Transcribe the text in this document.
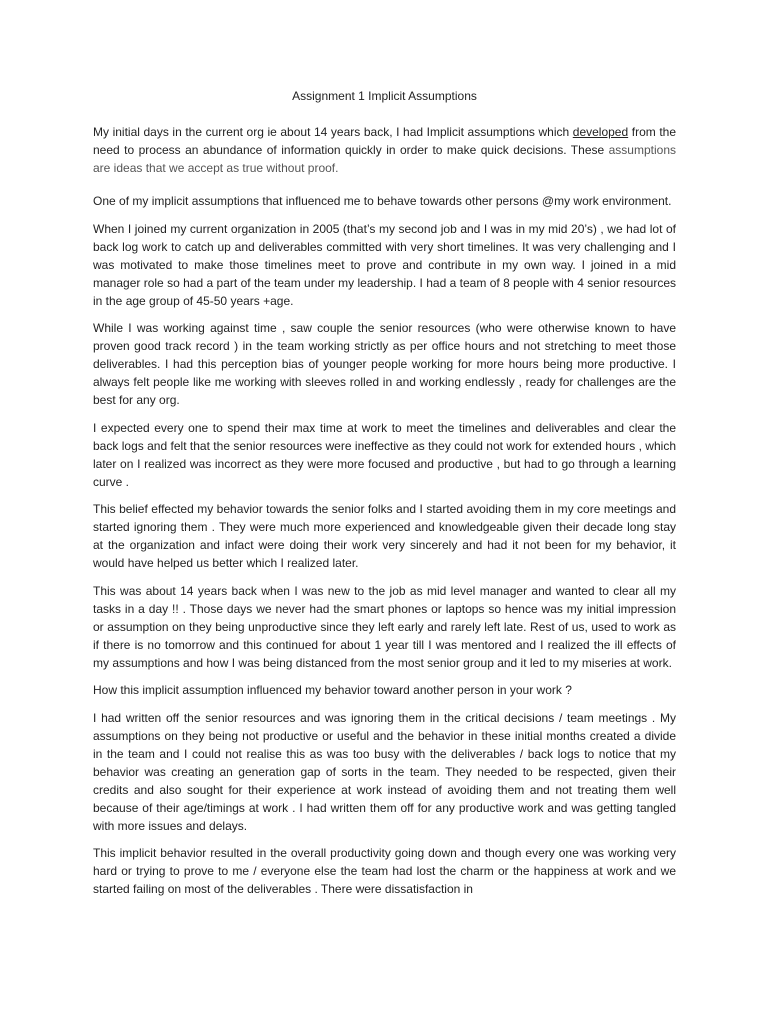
Assignment 1 Implicit Assumptions

My initial days in the current org ie about 14 years back, I had Implicit assumptions which developed from the need to process an abundance of information quickly in order to make quick decisions. These assumptions are ideas that we accept as true without proof.

One of my implicit assumptions that influenced me to behave towards other persons @my work environment.

When I joined my current organization in 2005 (that’s my second job and I was in my mid 20’s) , we had lot of back log work to catch up and deliverables committed with very short timelines. It was very challenging and I was motivated to make those timelines meet to prove and contribute in my own way. I joined in a mid manager role so had a part of the team under my leadership. I had a team of 8 people with 4 senior resources in the age group of 45-50 years +age.

While I was working against time , saw couple the senior resources (who were otherwise known to have proven good track record ) in the team working strictly as per office hours and not stretching to meet those deliverables. I had this perception bias of younger people working for more hours being more productive. I always felt people like me working with sleeves rolled in and working endlessly , ready for challenges are the best for any org.

I expected every one to spend their max time at work to meet the timelines and deliverables and clear the back logs and felt that the senior resources were ineffective as they could not work for extended hours , which later on I realized was incorrect as they were more focused and productive , but had to go through a learning curve .

This belief effected my behavior towards the senior folks and I started avoiding them in my core meetings and started ignoring them . They were much more experienced and knowledgeable given their decade long stay at the organization and infact were doing their work very sincerely and had it not been for my behavior, it would have helped us better which I realized later.

This was about 14 years back when I was new to the job as mid level manager and wanted to clear all my tasks in a day !! . Those days we never had the smart phones or laptops so hence was my initial impression or assumption on they being unproductive since they left early and rarely left late. Rest of us, used to work as if there is no tomorrow and this continued for about 1 year till I was mentored and I realized the ill effects of my assumptions and how I was being distanced from the most senior group and it led to my miseries at work.

How this implicit assumption influenced my behavior toward another person in your work ?

I had written off the senior resources and was ignoring them in the critical decisions / team meetings . My assumptions on they being not productive or useful and the behavior in these initial months created a divide in the team and I could not realise this as was too busy with the deliverables / back logs to notice that my behavior was creating an generation gap of sorts in the team. They needed to be respected, given their credits and also sought for their experience at work instead of avoiding them and not treating them well because of their age/timings at work . I had written them off for any productive work and was getting tangled with more issues and delays.

This implicit behavior resulted in the overall productivity going down and though every one was working very hard or trying to prove to me / everyone else the team had lost the charm or the happiness at work and we started failing on most of the deliverables . There were dissatisfaction in
